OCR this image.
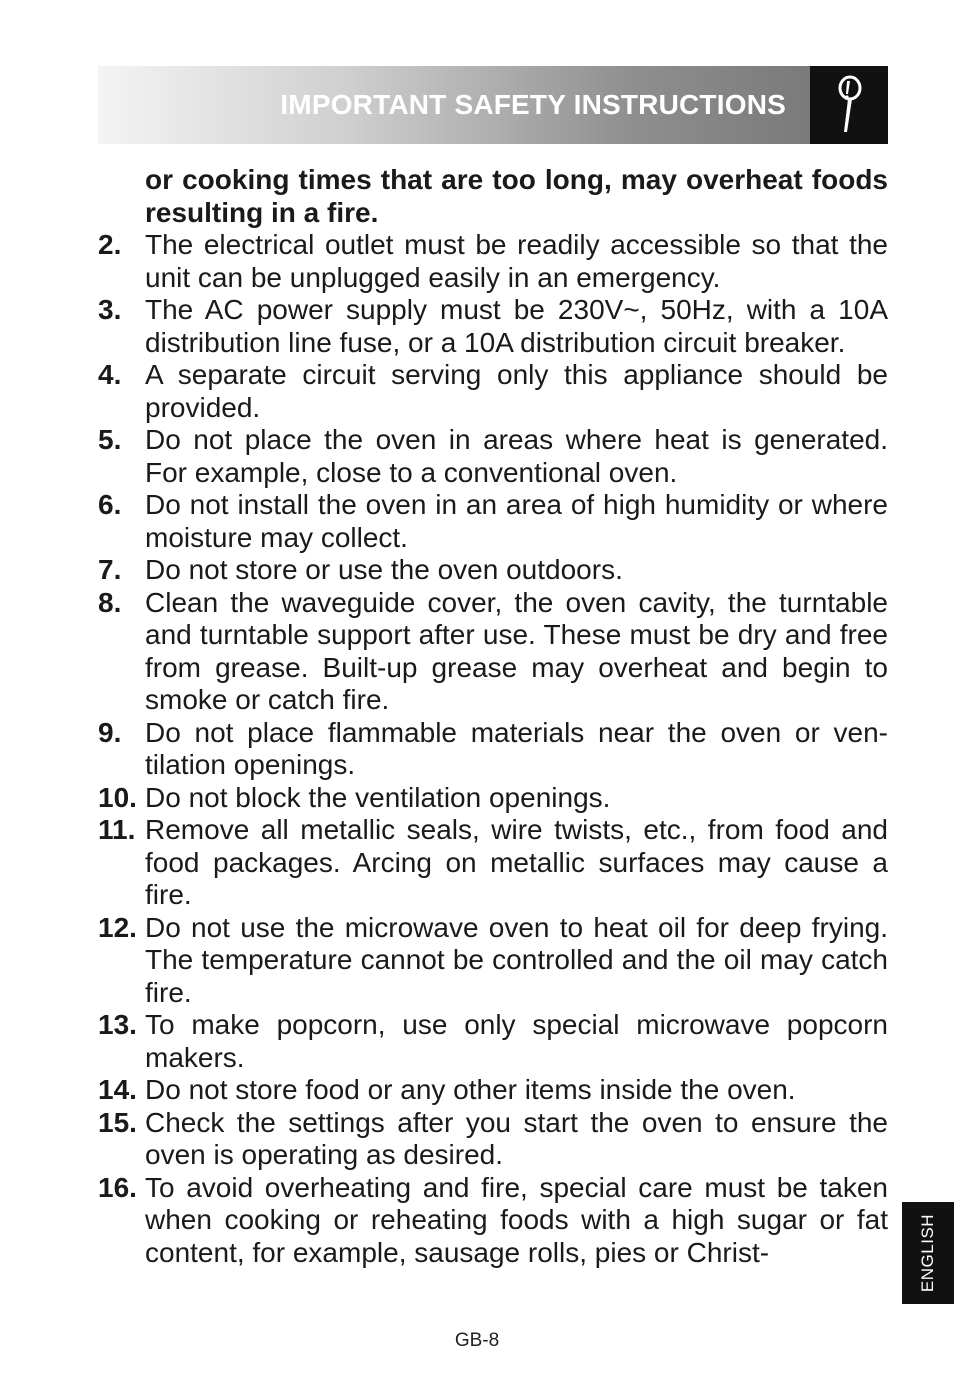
IMPORTANT SAFETY INSTRUCTIONS
or cooking times that are too long, may overheat foods resulting in a fire.
2. The electrical outlet must be readily accessible so that the unit can be unplugged easily in an emergency.
3. The AC power supply must be 230V~, 50Hz, with a 10A distribution line fuse, or a 10A distribution circuit breaker.
4. A separate circuit serving only this appliance should be provided.
5. Do not place the oven in areas where heat is generated. For example, close to a conventional oven.
6. Do not install the oven in an area of high humidity or where moisture may collect.
7. Do not store or use the oven outdoors.
8. Clean the waveguide cover, the oven cavity, the turntable and turntable support after use. These must be dry and free from grease. Built-up grease may overheat and begin to smoke or catch fire.
9. Do not place flammable materials near the oven or ventilation openings.
10. Do not block the ventilation openings.
11. Remove all metallic seals, wire twists, etc., from food and food packages. Arcing on metallic surfaces may cause a fire.
12. Do not use the microwave oven to heat oil for deep frying. The temperature cannot be controlled and the oil may catch fire.
13. To make popcorn, use only special microwave popcorn makers.
14. Do not store food or any other items inside the oven.
15. Check the settings after you start the oven to ensure the oven is operating as desired.
16. To avoid overheating and fire, special care must be taken when cooking or reheating foods with a high sugar or fat content, for example, sausage rolls, pies or Christ-	ENGLISH
GB-8
